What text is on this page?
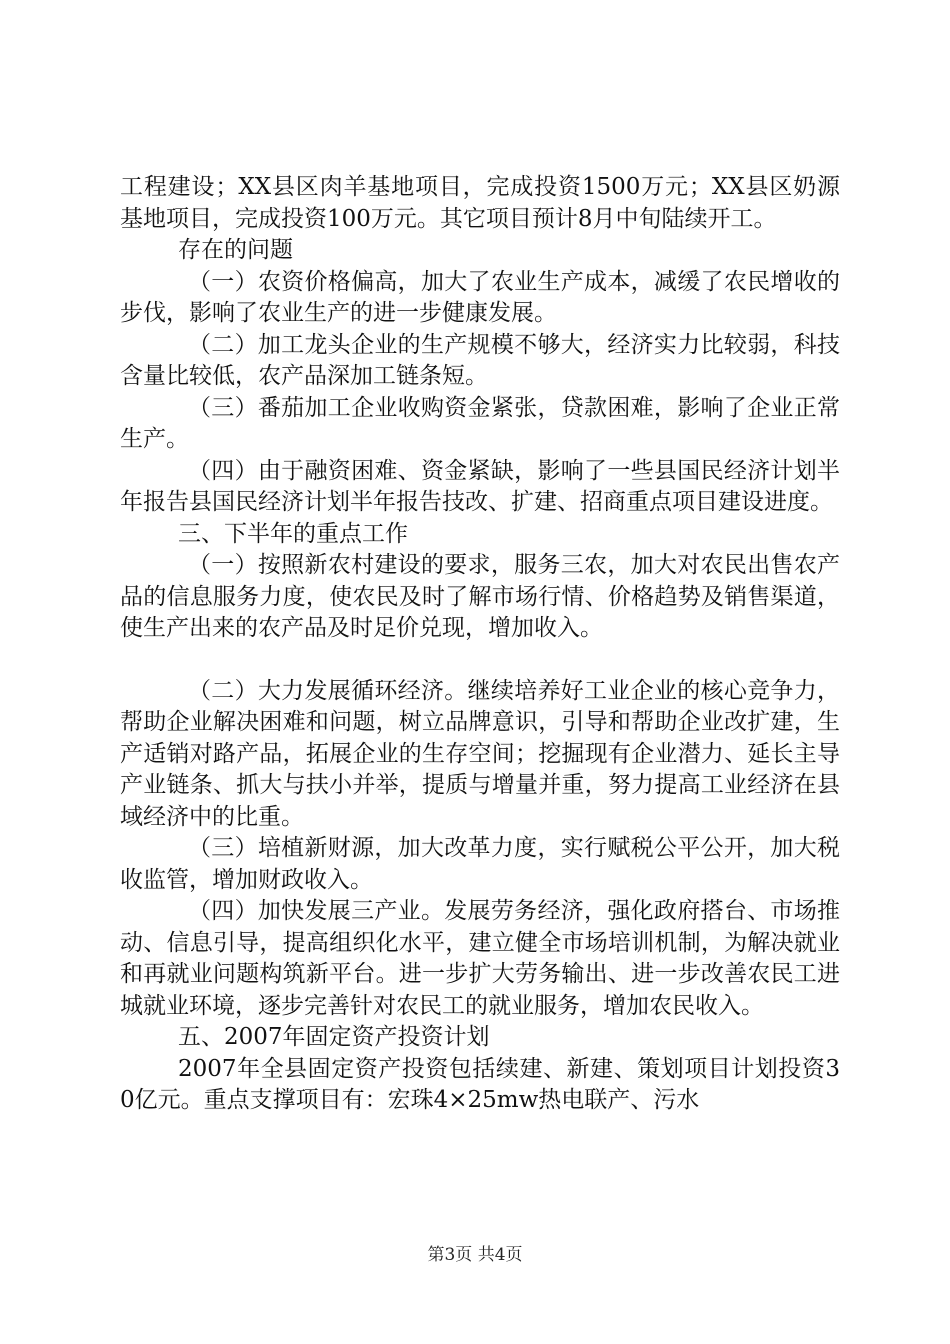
工程建设；XX县区肉羊基地项目，完成投资1500万元；XX县区奶源基地项目，完成投资100万元。其它项目预计8月中旬陆续开工。

存在的问题

（一）农资价格偏高，加大了农业生产成本，减缓了农民增收的步伐，影响了农业生产的进一步健康发展。

（二）加工龙头企业的生产规模不够大，经济实力比较弱，科技含量比较低，农产品深加工链条短。

（三）番茄加工企业收购资金紧张，贷款困难，影响了企业正常生产。

（四）由于融资困难、资金紧缺，影响了一些县国民经济计划半年报告县国民经济计划半年报告技改、扩建、招商重点项目建设进度。

三、下半年的重点工作

（一）按照新农村建设的要求，服务三农，加大对农民出售农产品的信息服务力度，使农民及时了解市场行情、价格趋势及销售渠道，使生产出来的农产品及时足价兑现，增加收入。

（二）大力发展循环经济。继续培养好工业企业的核心竞争力，帮助企业解决困难和问题，树立品牌意识，引导和帮助企业改扩建，生产适销对路产品，拓展企业的生存空间；挖掘现有企业潜力、延长主导产业链条、抓大与扶小并举，提质与增量并重，努力提高工业经济在县域经济中的比重。

（三）培植新财源，加大改革力度，实行赋税公平公开，加大税收监管，增加财政收入。

（四）加快发展三产业。发展劳务经济，强化政府搭台、市场推动、信息引导，提高组织化水平，建立健全市场培训机制，为解决就业和再就业问题构筑新平台。进一步扩大劳务输出、进一步改善农民工进城就业环境，逐步完善针对农民工的就业服务，增加农民收入。

五、2007年固定资产投资计划

2007年全县固定资产投资包括续建、新建、策划项目计划投资30亿元。重点支撑项目有：宏珠4×25mw热电联产、污水

第3页 共4页
